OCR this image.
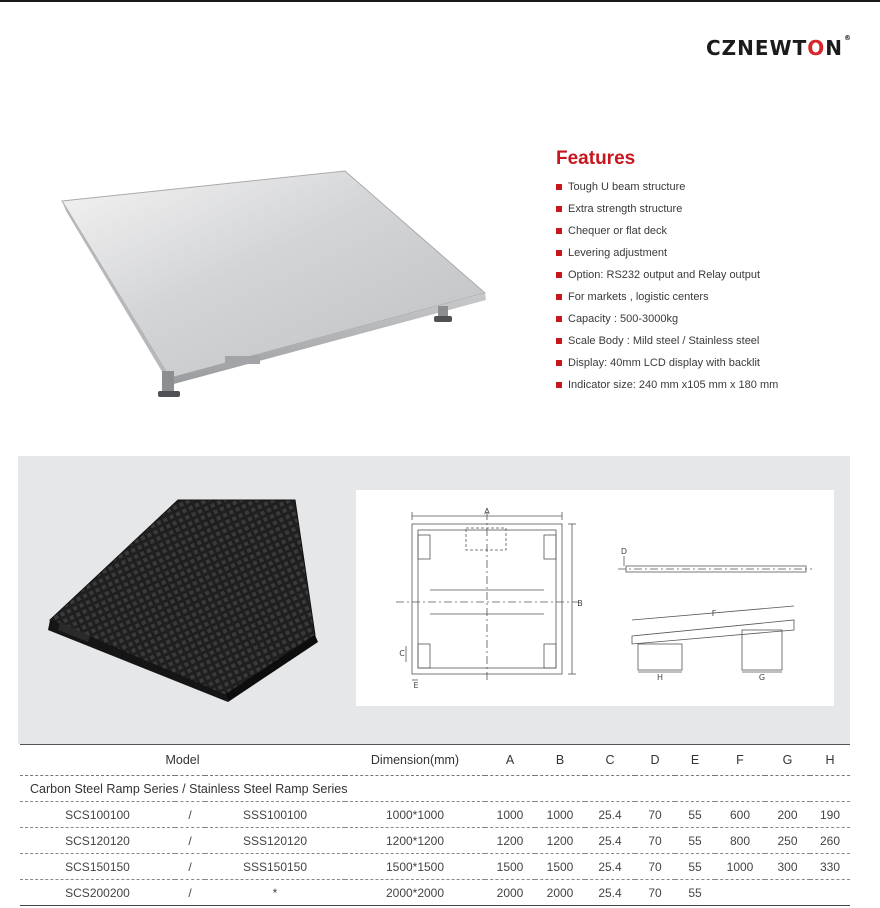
CZNEWT O N ®
Features
Tough U beam structure
Extra strength structure
Chequer or flat deck
Levering adjustment
Option: RS232 output and Relay output
For markets , logistic centers
Capacity : 500-3000kg
Scale Body : Mild steel / Stainless steel
Display: 40mm LCD display with backlit
Indicator size: 240 mm x105 mm x 180 mm
A
B
C
D
E
F
G
H
Model			Dimension(mm)	A	B	C	D	E	F	G	H
Carbon Steel Ramp Series / Stainless Steel Ramp Series											
SCS100100	/	SSS100100	1000*1000	1000	1000	25.4	70	55	600	200	190
SCS120120	/	SSS120120	1200*1200	1200	1200	25.4	70	55	800	250	260
SCS150150	/	SSS150150	1500*1500	1500	1500	25.4	70	55	1000	300	330
SCS200200	/	*	2000*2000	2000	2000	25.4	70	55			
